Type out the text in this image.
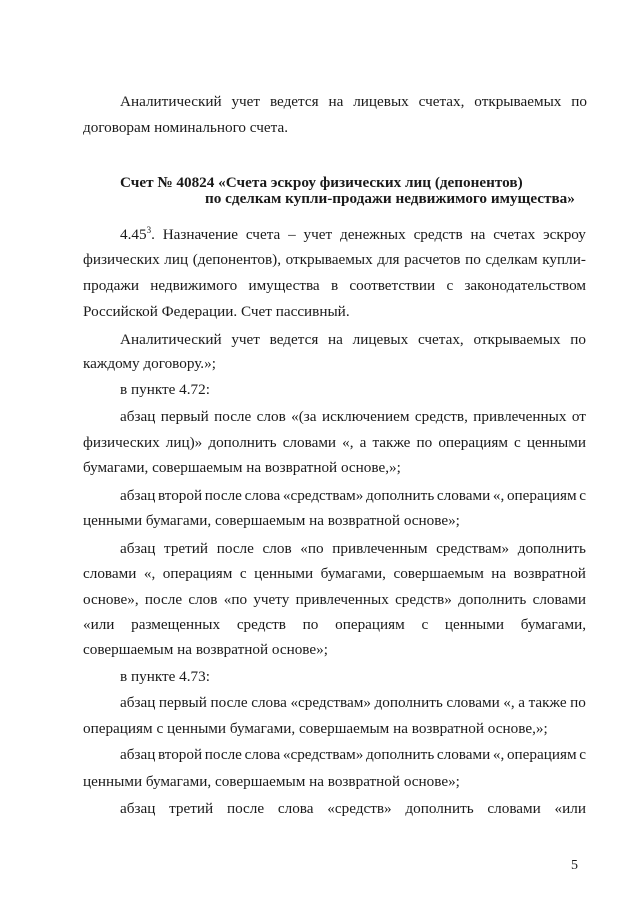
Аналитический учет ведется на лицевых счетах, открываемых по
договорам номинального счета.
Счет № 40824 «Счета эскроу физических лиц (депонентов)
по сделкам купли-продажи недвижимого имущества»
4.45$^3$ . Назначение счета – учет денежных средств на счетах эскроу
физических лиц (депонентов), открываемых для расчетов по сделкам купли-
продажи недвижимого имущества в соответствии с законодательством
Российской Федерации. Счет пассивный.
Аналитический учет ведется на лицевых счетах, открываемых по
каждому договору.»;
в пункте 4.72:
абзац первый после слов «(за исключением средств, привлеченных от
физических лиц)» дополнить словами «, а также по операциям с ценными
бумагами, совершаемым на возвратной основе,»;
абзац второй после слова «средствам» дополнить словами «, операциям с
ценными бумагами, совершаемым на возвратной основе»;
абзац третий после слов «по привлеченным средствам» дополнить
словами «, операциям с ценными бумагами, совершаемым на возвратной
основе», после слов «по учету привлеченных средств» дополнить словами
«или размещенных средств по операциям с ценными бумагами,
совершаемым на возвратной основе»;
в пункте 4.73:
абзац первый после слова «средствам» дополнить словами «, а также по
операциям с ценными бумагами, совершаемым на возвратной основе,»;
абзац второй после слова «средствам» дополнить словами «, операциям с
ценными бумагами, совершаемым на возвратной основе»;
абзац третий после слова «средств» дополнить словами «или
5
